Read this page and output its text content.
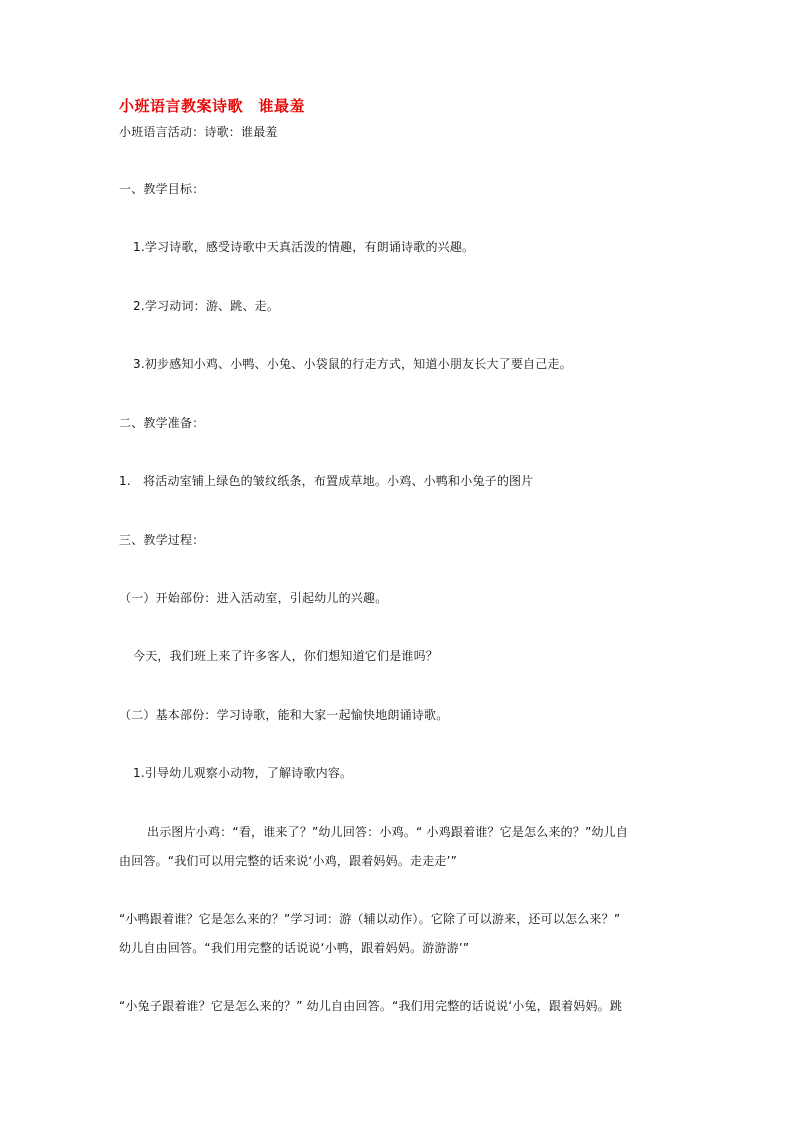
小班语言教案诗歌　谁最羞
小班语言活动：诗歌：谁最羞
一、教学目标：
1.学习诗歌，感受诗歌中天真活泼的情趣，有朗诵诗歌的兴趣。
2.学习动词：游、跳、走。
3.初步感知小鸡、小鸭、小兔、小袋鼠的行走方式，知道小朋友长大了要自己走。
二、教学准备：
1.　将活动室铺上绿色的皱纹纸条，布置成草地。小鸡、小鸭和小兔子的图片
三、教学过程：
（一）开始部份：进入活动室，引起幼儿的兴趣。
今天，我们班上来了许多客人，你们想知道它们是谁吗？
（二）基本部份：学习诗歌，能和大家一起愉快地朗诵诗歌。
1.引导幼儿观察小动物，了解诗歌内容。
出示图片小鸡：“看，谁来了？”幼儿回答：小鸡。“ 小鸡跟着谁？它是怎么来的？”幼儿自
由回答。“我们可以用完整的话来说‘小鸡，跟着妈妈。走走走’”
“小鸭跟着谁？它是怎么来的？”学习词：游（辅以动作）。它除了可以游来，还可以怎么来？”
幼儿自由回答。“我们用完整的话说说‘小鸭，跟着妈妈。游游游’”
“小兔子跟着谁？它是怎么来的？” 幼儿自由回答。“我们用完整的话说说‘小兔，跟着妈妈。跳
